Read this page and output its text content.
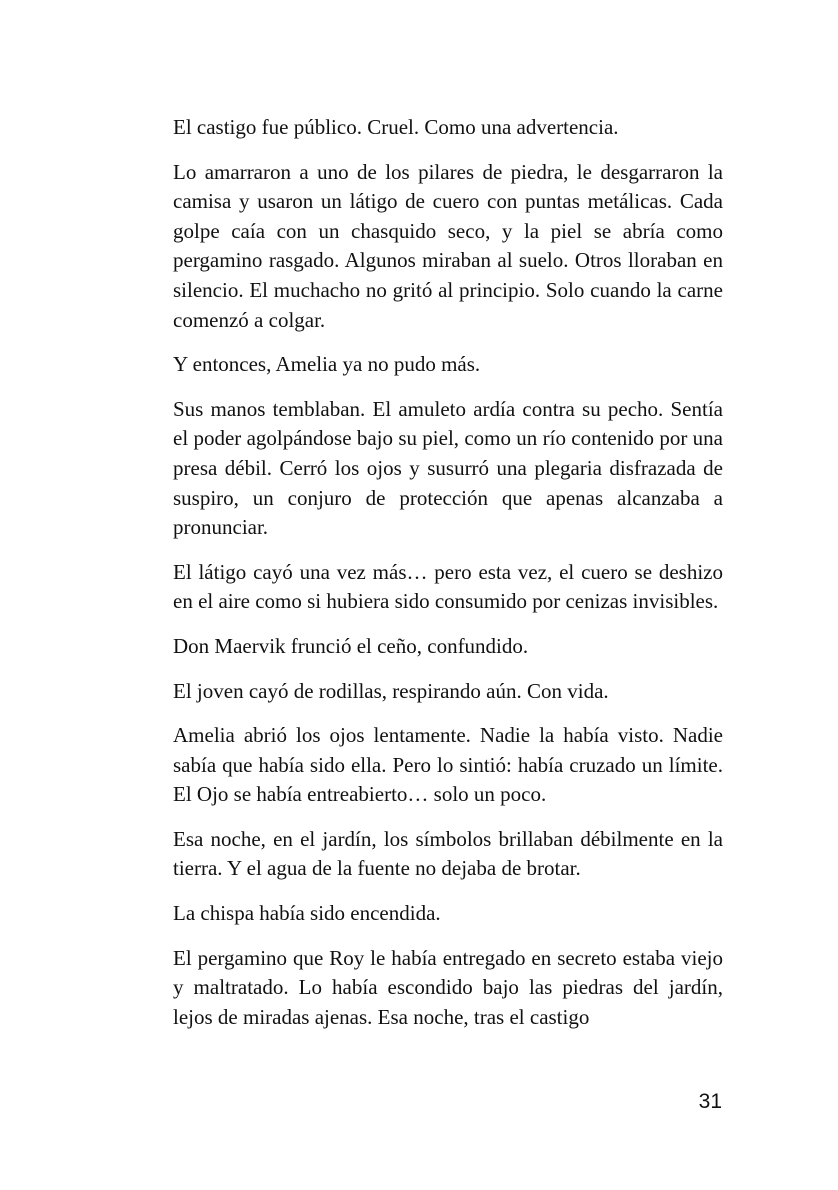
El castigo fue público. Cruel. Como una advertencia.

Lo amarraron a uno de los pilares de piedra, le desgarraron la camisa y usaron un látigo de cuero con puntas metálicas. Cada golpe caía con un chasquido seco, y la piel se abría como pergamino rasgado. Algunos miraban al suelo. Otros lloraban en silencio. El muchacho no gritó al principio. Solo cuando la carne comenzó a colgar.

Y entonces, Amelia ya no pudo más.

Sus manos temblaban. El amuleto ardía contra su pecho. Sentía el poder agolpándose bajo su piel, como un río contenido por una presa débil. Cerró los ojos y susurró una plegaria disfrazada de suspiro, un conjuro de protección que apenas alcanzaba a pronunciar.

El látigo cayó una vez más… pero esta vez, el cuero se deshizo en el aire como si hubiera sido consumido por cenizas invisibles.

Don Maervik frunció el ceño, confundido.

El joven cayó de rodillas, respirando aún. Con vida.

Amelia abrió los ojos lentamente. Nadie la había visto. Nadie sabía que había sido ella. Pero lo sintió: había cruzado un límite. El Ojo se había entreabierto… solo un poco.

Esa noche, en el jardín, los símbolos brillaban débilmente en la tierra. Y el agua de la fuente no dejaba de brotar.

La chispa había sido encendida.

El pergamino que Roy le había entregado en secreto estaba viejo y maltratado. Lo había escondido bajo las piedras del jardín, lejos de miradas ajenas. Esa noche, tras el castigo

31
